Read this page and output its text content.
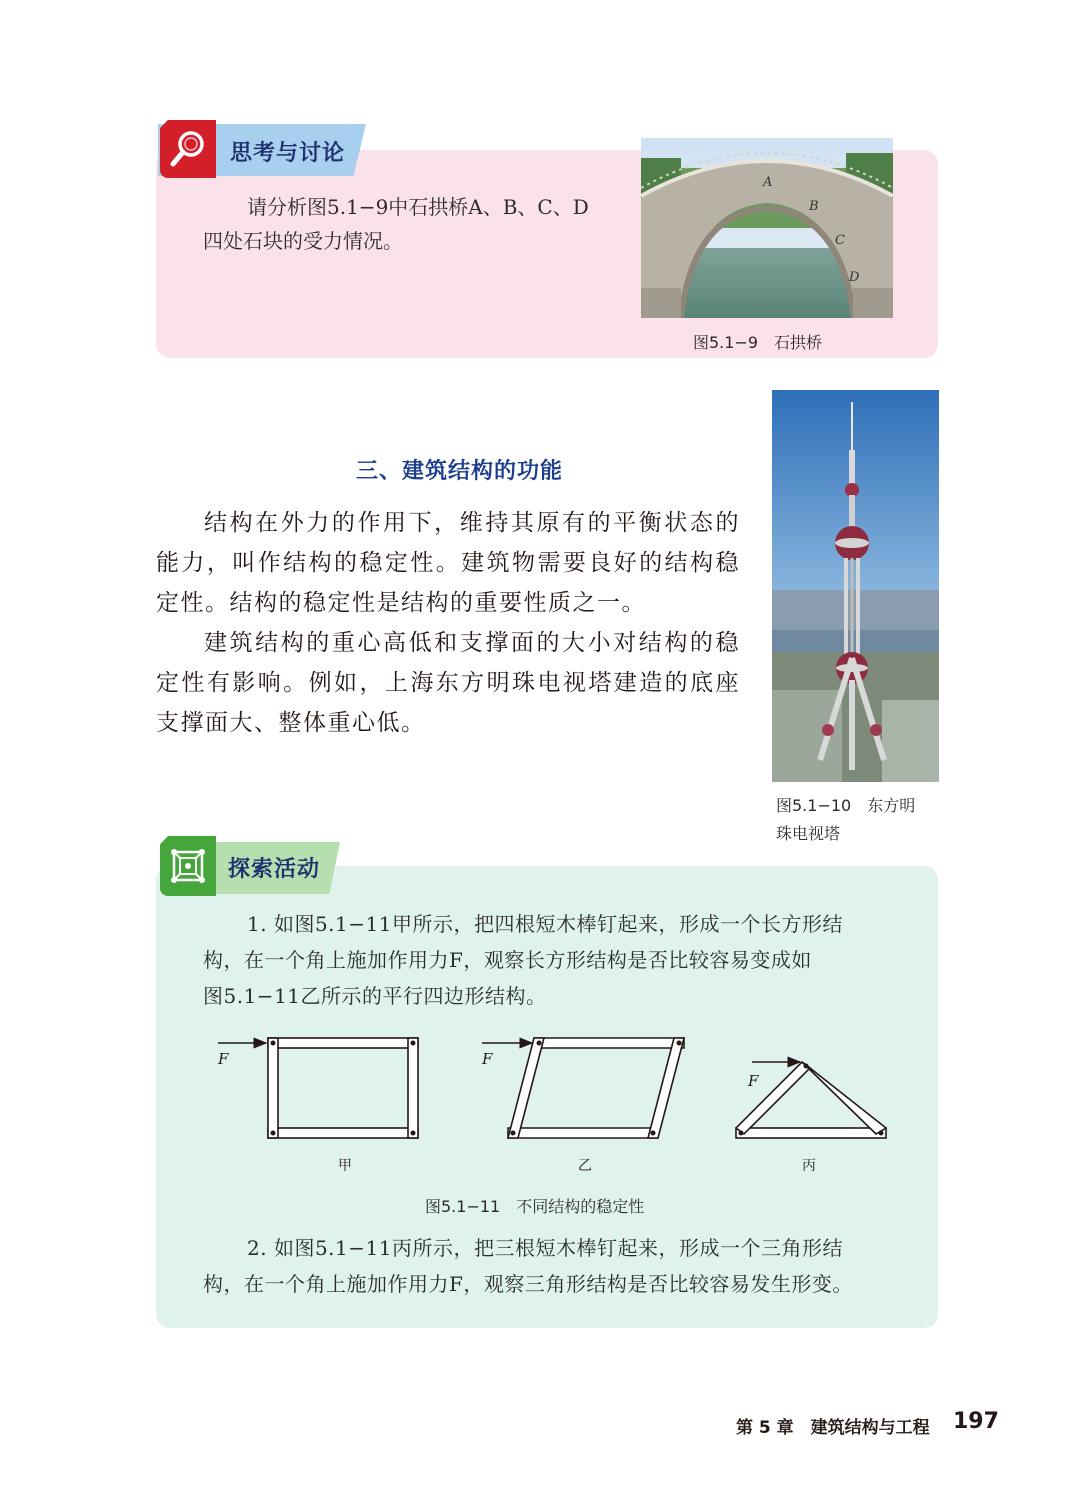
思考与讨论
请分析图5.1−9中石拱桥A、B、C、D
四处石块的受力情况。
A
B
C
D
图5.1−9　石拱桥
三、建筑结构的功能
结构在外力的作用下，维持其原有的平衡状态的能力，叫作结构的稳定性。建筑物需要良好的结构稳定性。结构的稳定性是结构的重要性质之一。
建筑结构的重心高低和支撑面的大小对结构的稳定性有影响。例如，上海东方明珠电视塔建造的底座支撑面大、整体重心低。
图5.1−10　东方明
珠电视塔
探索活动
1. 如图5.1−11甲所示，把四根短木棒钉起来，形成一个长方形结
构，在一个角上施加作用力F，观察长方形结构是否比较容易变成如
图5.1−11乙所示的平行四边形结构。
F
甲
F
乙
F
丙
图5.1−11　不同结构的稳定性
2. 如图5.1−11丙所示，把三根短木棒钉起来，形成一个三角形结
构，在一个角上施加作用力F，观察三角形结构是否比较容易发生形变。
第 5 章　建筑结构与工程 197
